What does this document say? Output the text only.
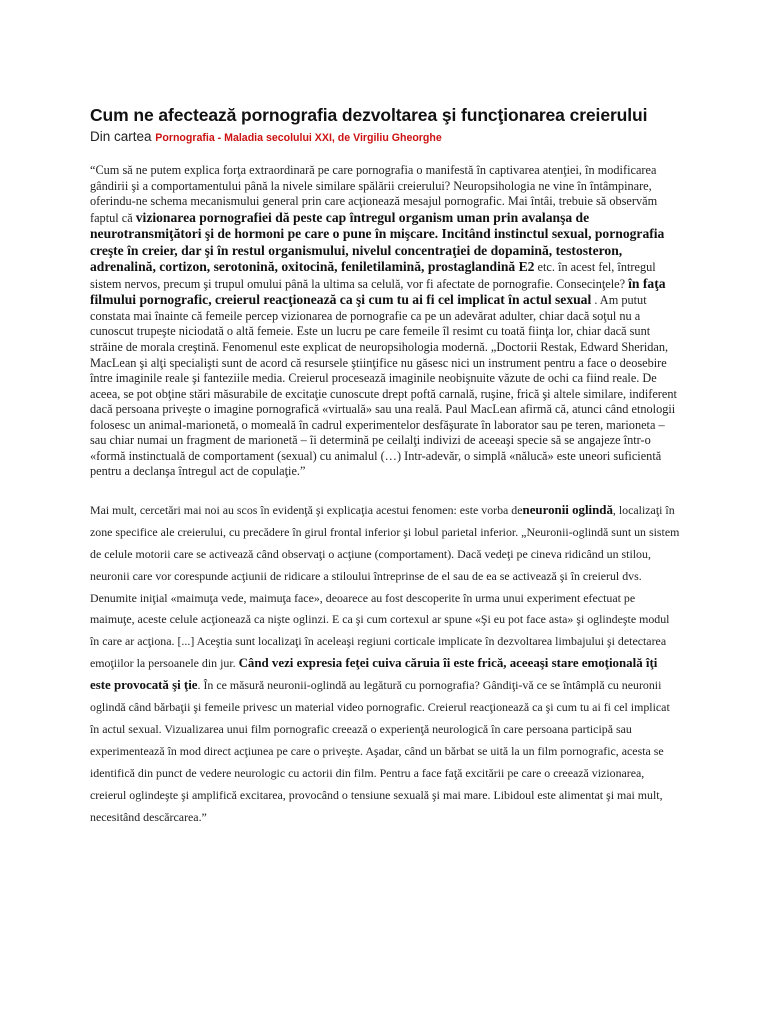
Cum ne afectează pornografia dezvoltarea şi funcţionarea creierului
Din cartea Pornografia - Maladia secolului XXI, de Virgiliu Gheorghe

“Cum să ne putem explica forţa extraordinară pe care pornografia o manifestă în captivarea atenţiei, în modificarea gândirii şi a comportamentului până la nivele similare spălării creierului? Neuropsihologia ne vine în întâmpinare, oferindu-ne schema mecanismului general prin care acţionează mesajul pornografic. Mai întâi, trebuie să observăm faptul că vizionarea pornografiei dă peste cap întregul organism uman prin avalanşa de neurotransmiţători şi de hormoni pe care o pune în mişcare. Incitând instinctul sexual, pornografia creşte în creier, dar şi în restul organismului, nivelul concentraţiei de dopamină, testosteron, adrenalină, cortizon, serotonină, oxitocină, feniletilamină, prostaglandină E2 etc. în acest fel, întregul sistem nervos, precum şi trupul omului până la ultima sa celulă, vor fi afectate de pornografie. Consecinţele? în faţa filmului pornografic, creierul reacţionează ca şi cum tu ai fi cel implicat în actul sexual . Am putut constata mai înainte că femeile percep vizionarea de pornografie ca pe un adevărat adulter, chiar dacă soţul nu a cunoscut trupeşte niciodată o altă femeie. Este un lucru pe care femeile îl resimt cu toată fiinţa lor, chiar dacă sunt străine de morala creştină. Fenomenul este explicat de neuropsihologia modernă. „Doctorii Restak, Edward Sheridan, MacLean şi alţi specialişti sunt de acord că resursele ştiinţifice nu găsesc nici un instrument pentru a face o deosebire între imaginile reale şi fanteziile media. Creierul procesează imaginile neobişnuite văzute de ochi ca fiind reale. De aceea, se pot obţine stări măsurabile de excitaţie cunoscute drept poftă carnală, ruşine, frică şi altele similare, indiferent dacă persoana priveşte o imagine pornografică «virtuală» sau una reală. Paul MacLean afirmă că, atunci când etnologii folosesc un animal-marionetă, o momeală în cadrul experimentelor desfăşurate în laborator sau pe teren, marioneta – sau chiar numai un fragment de marionetă – îi determină pe ceilalţi indivizi de aceeaşi specie să se angajeze într-o «formă instinctuală de comportament (sexual) cu animalul (…) Intr-adevăr, o simplă «nălucă» este uneori suficientă pentru a declanşa întregul act de copulaţie.”

Mai mult, cercetări mai noi au scos în evidenţă şi explicaţia acestui fenomen: este vorba deneuronii oglindă, localizaţi în zone specifice ale creierului, cu precădere în girul frontal inferior şi lobul parietal inferior. „Neuronii-oglindă sunt un sistem de celule motorii care se activează când observaţi o acţiune (comportament). Dacă vedeţi pe cineva ridicând un stilou, neuronii care vor corespunde acţiunii de ridicare a stiloului întreprinse de el sau de ea se activează şi în creierul dvs. Denumite iniţial «maimuţa vede, maimuţa face», deoarece au fost descoperite în urma unui experiment efectuat pe maimuţe, aceste celule acţionează ca nişte oglinzi. E ca şi cum cortexul ar spune «Şi eu pot face asta» şi oglindeşte modul în care ar acţiona. [...] Aceştia sunt localizaţi în aceleaşi regiuni corticale implicate în dezvoltarea limbajului şi detectarea emoţiilor la persoanele din jur. Când vezi expresia feţei cuiva căruia îi este frică, aceeaşi stare emoţională îţi este provocată şi ţie. În ce măsură neuronii-oglindă au legătură cu pornografia? Gândiţi-vă ce se întâmplă cu neuronii oglindă când bărbaţii şi femeile privesc un material video pornografic. Creierul reacţionează ca şi cum tu ai fi cel implicat în actul sexual. Vizualizarea unui film pornografic creează o experienţă neurologică în care persoana participă sau experimentează în mod direct acţiunea pe care o priveşte. Aşadar, când un bărbat se uită la un film pornografic, acesta se identifică din punct de vedere neurologic cu actorii din film. Pentru a face faţă excitării pe care o creează vizionarea, creierul oglindeşte şi amplifică excitarea, provocând o tensiune sexuală şi mai mare. Libidoul este alimentat şi mai mult, necesitând descărcarea.”
